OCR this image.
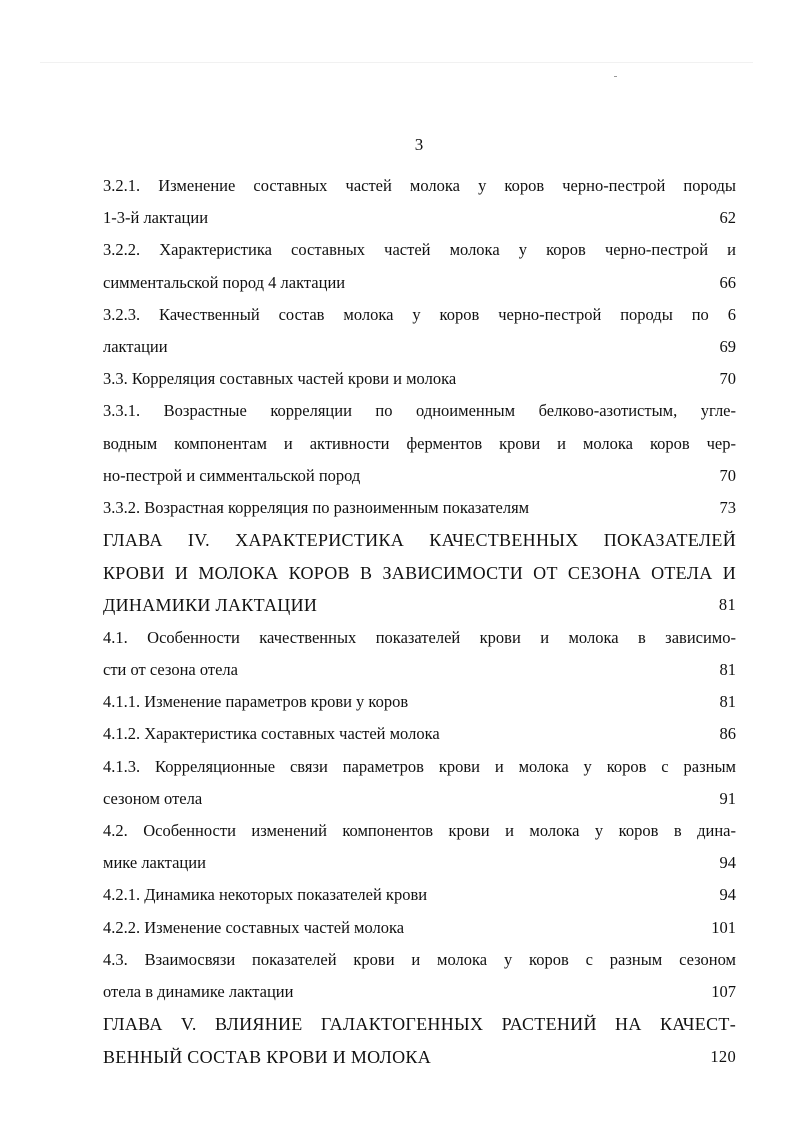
3
3.2.1. Изменение составных частей молока у коров черно-пестрой породы
1-3-й лактации	62
3.2.2. Характеристика составных частей молока у коров черно-пестрой и
симментальской пород 4 лактации	66
3.2.3. Качественный состав молока у коров черно-пестрой породы по 6
лактации	69
3.3. Корреляция составных частей крови и молока	70
3.3.1. Возрастные корреляции по одноименным белково-азотистым, угле-
водным компонентам и активности ферментов крови и молока коров чер-
но-пестрой и симментальской пород	70
3.3.2. Возрастная корреляция по разноименным показателям	73
ГЛАВА IV. ХАРАКТЕРИСТИКА КАЧЕСТВЕННЫХ ПОКАЗАТЕЛЕЙ
КРОВИ И МОЛОКА КОРОВ В ЗАВИСИМОСТИ ОТ СЕЗОНА ОТЕЛА И
ДИНАМИКИ ЛАКТАЦИИ	81
4.1. Особенности качественных показателей крови и молока в зависимо-
сти от сезона отела	81
4.1.1. Изменение параметров крови у коров	81
4.1.2. Характеристика составных частей молока	86
4.1.3. Корреляционные связи параметров крови и молока у коров с разным
сезоном отела	91
4.2. Особенности изменений компонентов крови и молока у коров в дина-
мике лактации	94
4.2.1. Динамика некоторых показателей крови	94
4.2.2. Изменение составных частей молока	101
4.3. Взаимосвязи показателей крови и молока у коров с разным сезоном
отела в динамике лактации	107
ГЛАВА V. ВЛИЯНИЕ ГАЛАКТОГЕННЫХ РАСТЕНИЙ НА КАЧЕСТ-
ВЕННЫЙ СОСТАВ КРОВИ И МОЛОКА	120
